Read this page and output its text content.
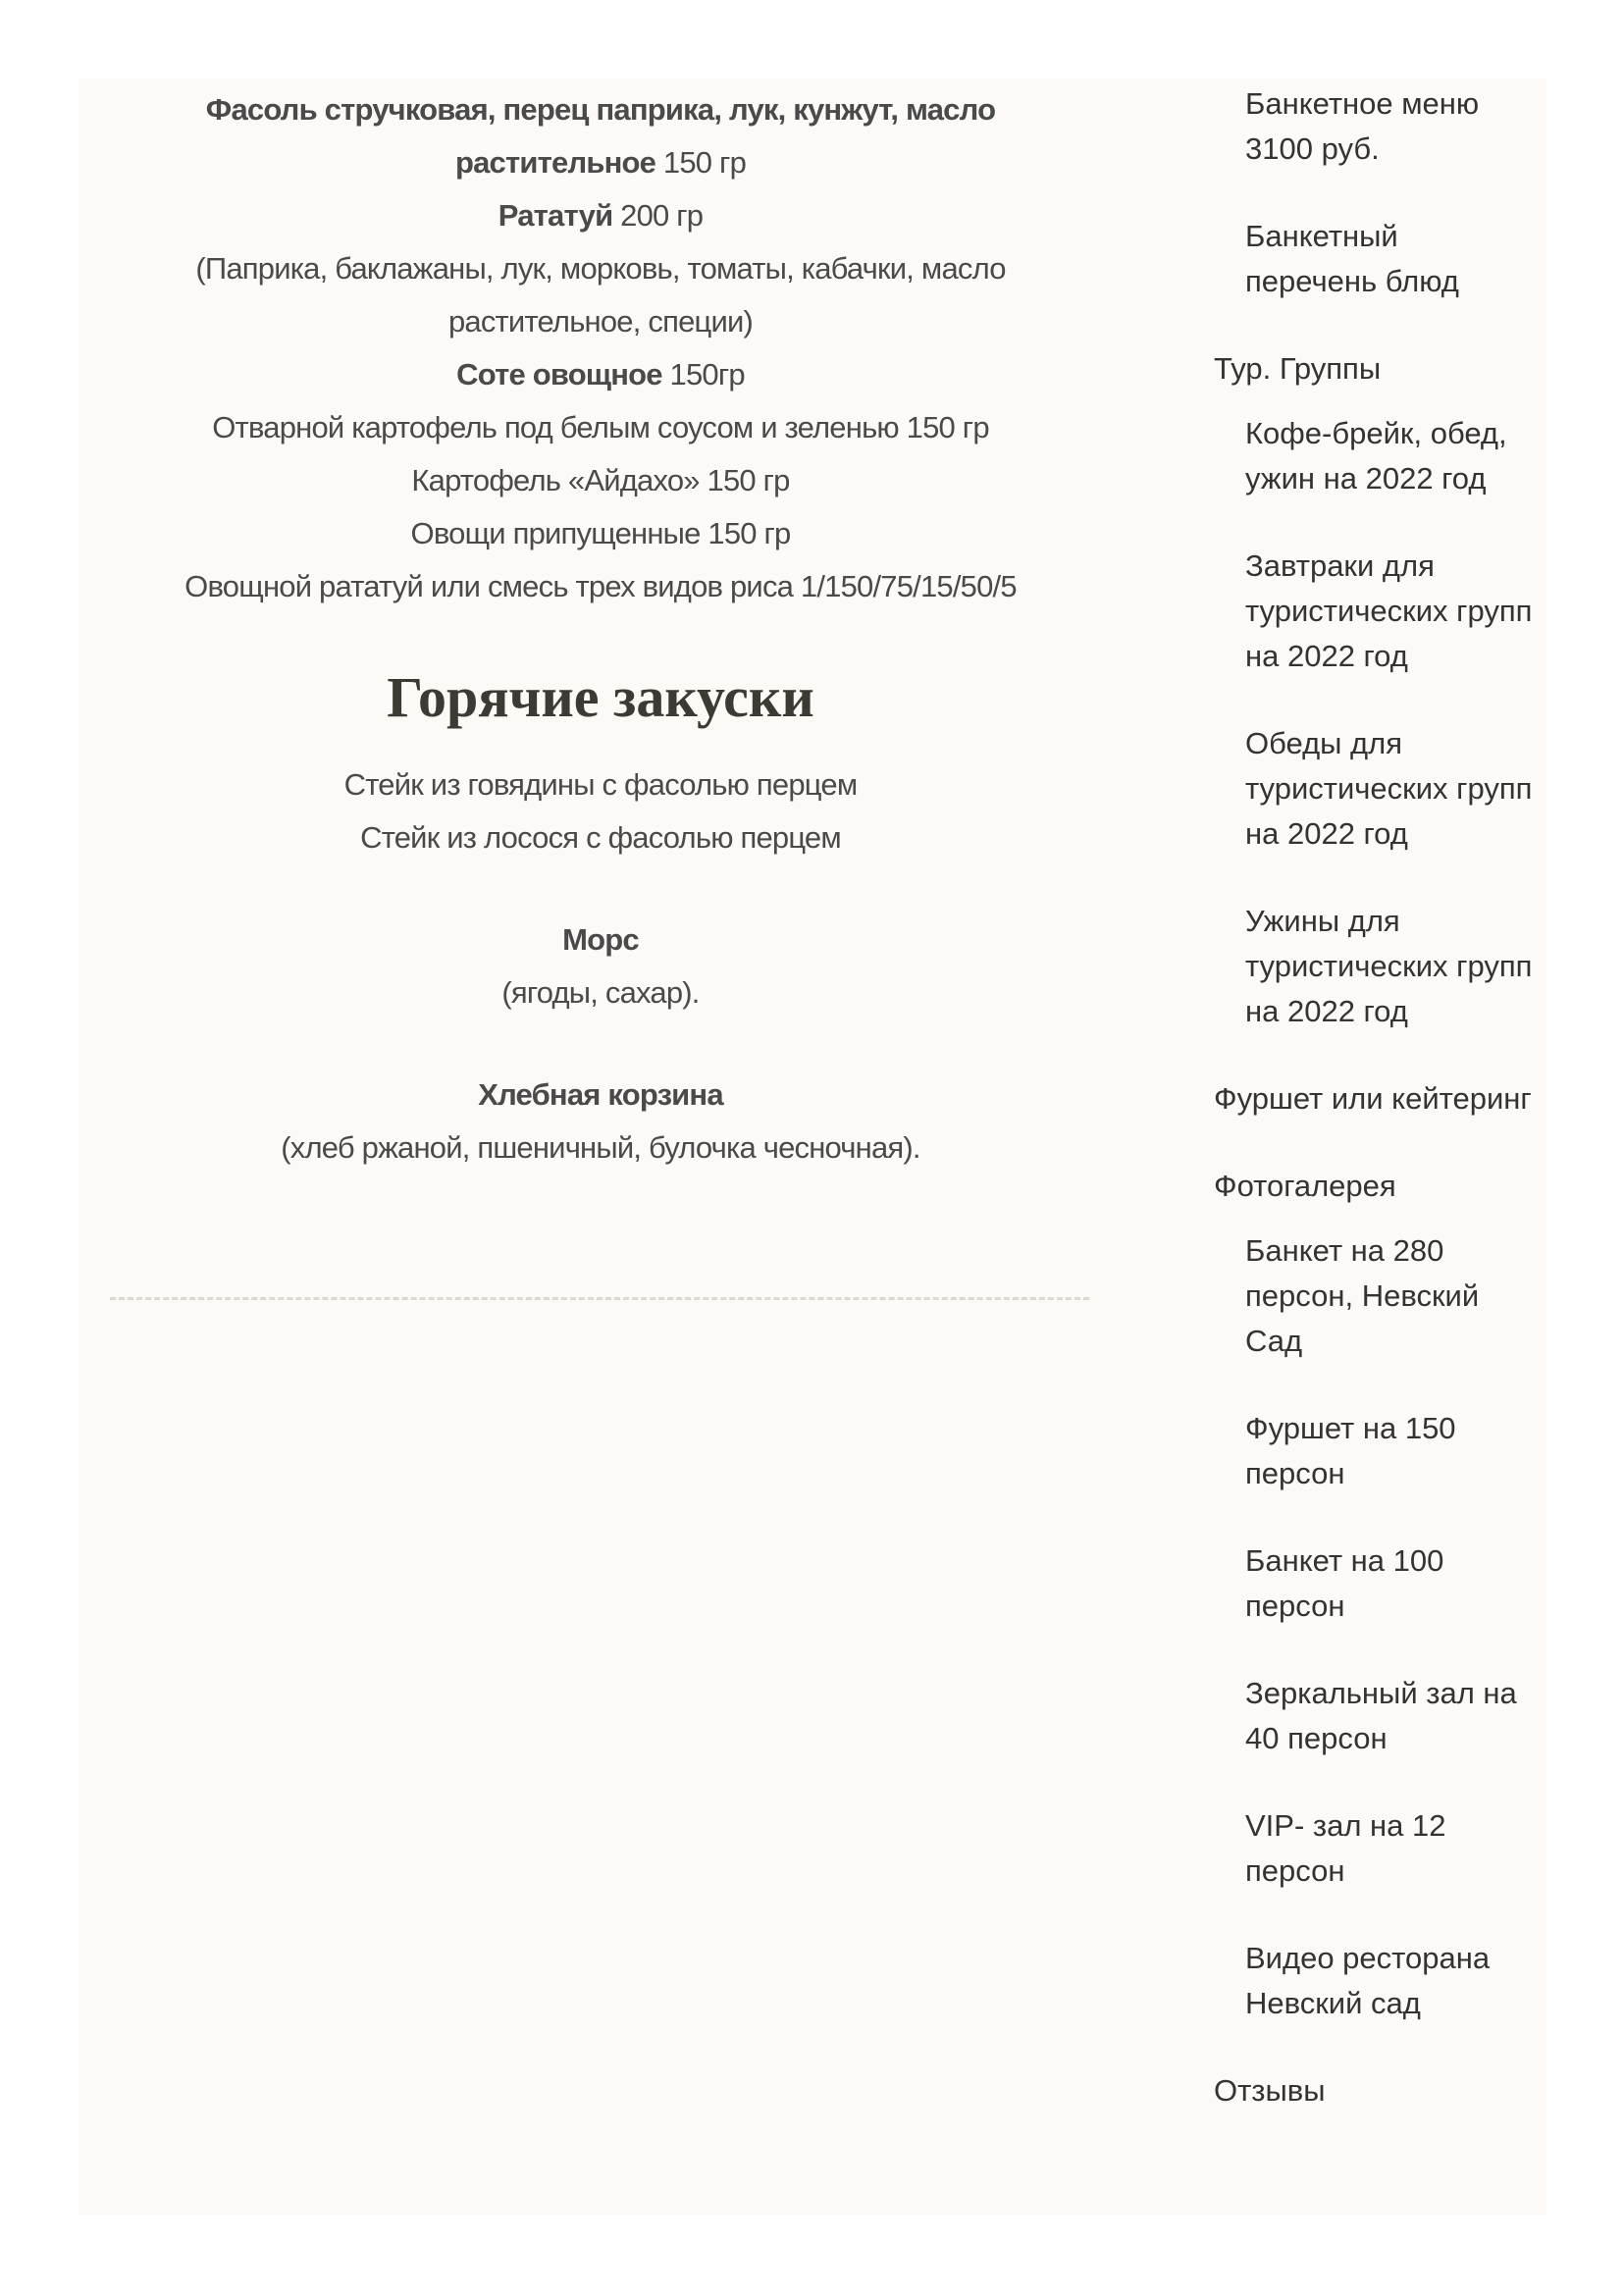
Фасоль стручковая, перец паприка, лук, кунжут, масло

растительное 150 гр

Рататуй 200 гр

(Паприка, баклажаны, лук, морковь, томаты, кабачки, масло

растительное, специи)

Соте овощное 150гр

Отварной картофель под белым соусом и зеленью 150 гр

Картофель «Айдахо» 150 гр

Овощи припущенные 150 гр

Овощной рататуй или смесь трех видов риса 1/150/75/15/50/5

Горячие закуски

Стейк из говядины с фасолью перцем

Стейк из лосося с фасолью перцем

Морс

(ягоды, сахар).

Хлебная корзина

(хлеб ржаной, пшеничный, булочка чесночная).

Банкетное меню 3100 руб.
Банкетный перечень блюд
Тур. Группы
Кофе-брейк, обед, ужин на 2022 год
Завтраки для туристических групп на 2022 год
Обеды для туристических групп на 2022 год
Ужины для туристических групп на 2022 год
Фуршет или кейтеринг
Фотогалерея
Банкет на 280 персон, Невский Сад
Фуршет на 150 персон
Банкет на 100 персон
Зеркальный зал на 40 персон
VIP- зал на 12 персон
Видео ресторана Невский сад
Отзывы
